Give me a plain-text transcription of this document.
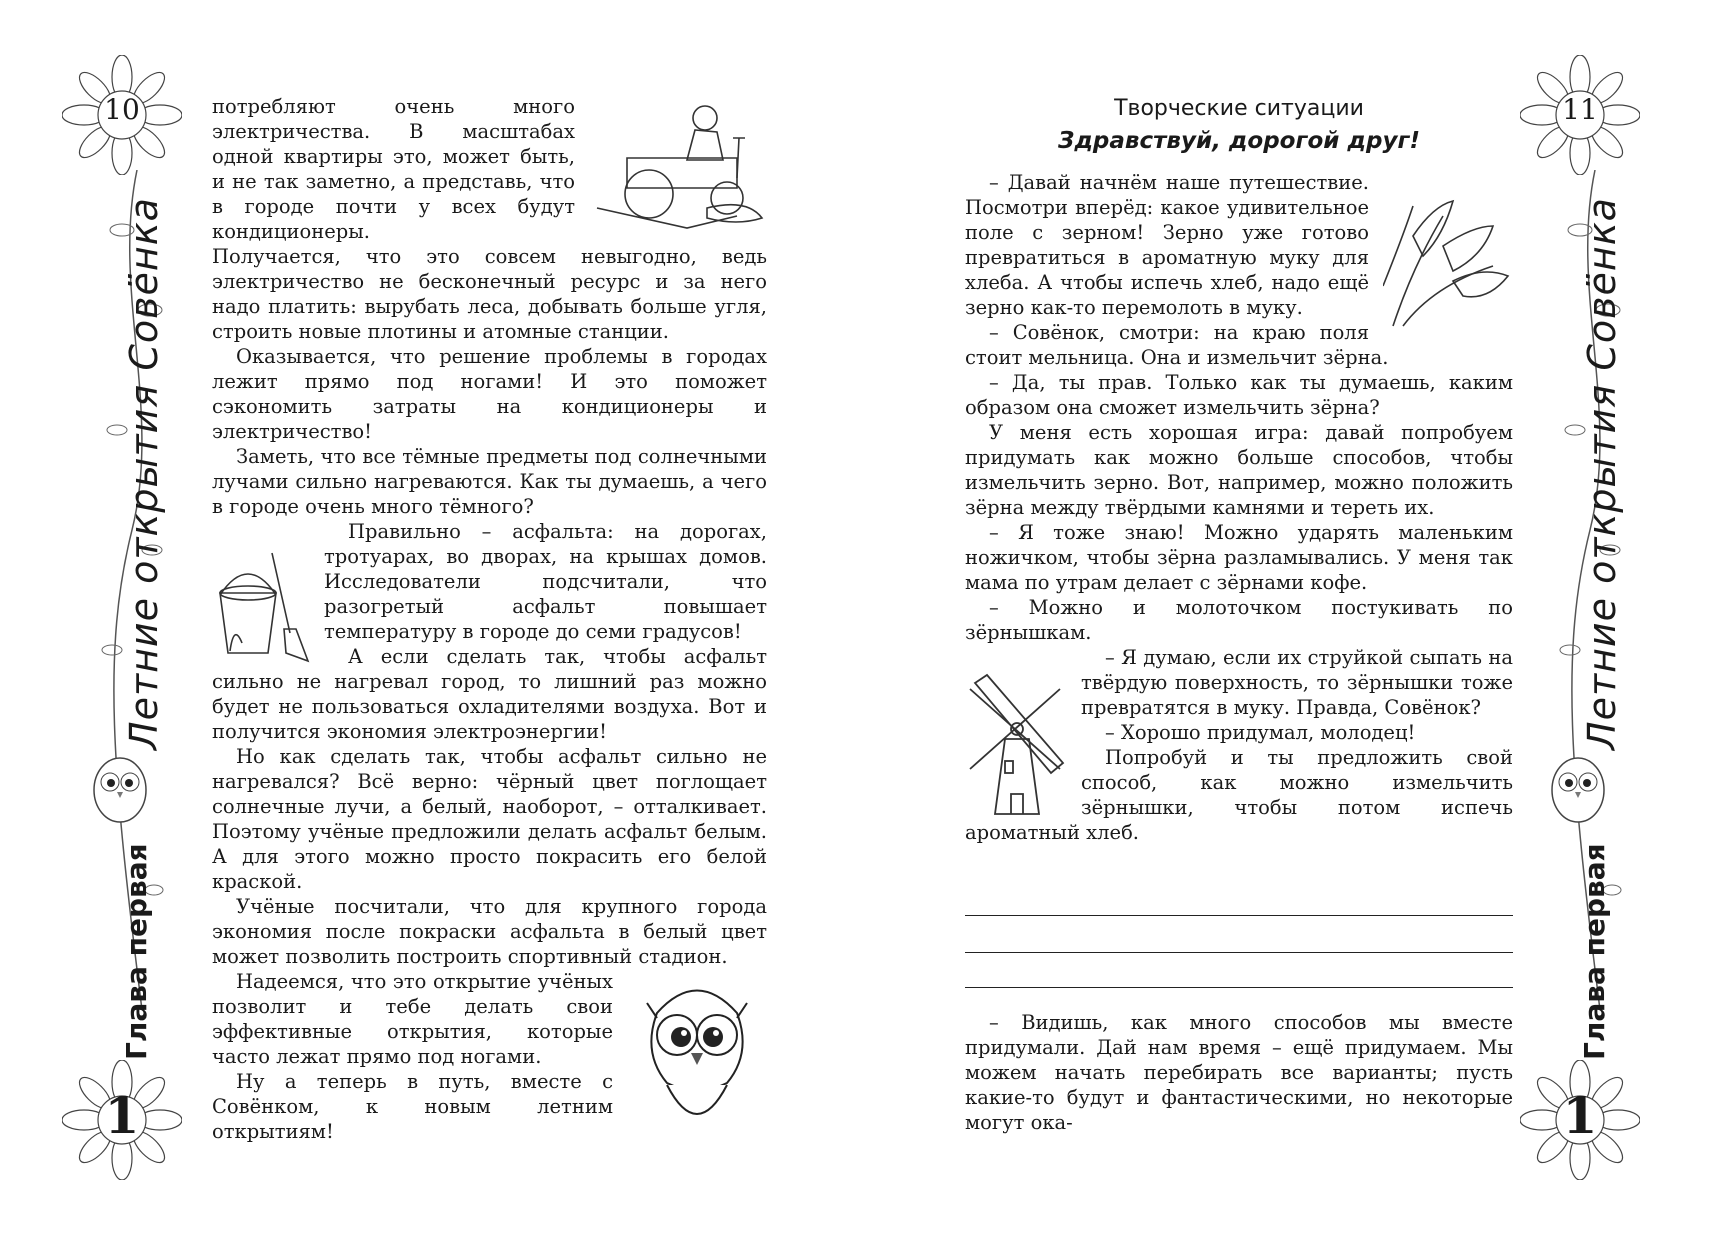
10
Летние открытия Совёнка
Глава первая
1

потребляют очень много электричества. В масштабах одной квартиры это, может быть, и не так заметно, а представь, что в городе почти у всех будут кондиционеры.

Получается, что это совсем невыгодно, ведь электричество не бесконечный ресурс и за него надо платить: вырубать леса, добывать больше угля, строить новые плотины и атомные станции.

Оказывается, что решение проблемы в городах лежит прямо под ногами! И это поможет сэкономить затраты на кондиционеры и электричество!

Заметь, что все тёмные предметы под солнечными лучами сильно нагреваются. Как ты думаешь, а чего в городе очень много тёмного?

Правильно – асфальта: на дорогах, тротуарах, во дворах, на крышах домов. Исследователи подсчитали, что разогретый асфальт повышает температуру в городе до семи градусов!

А если сделать так, чтобы асфальт сильно не нагревал город, то лишний раз можно будет не пользоваться охладителями воздуха. Вот и получится экономия электроэнергии!

Но как сделать так, чтобы асфальт сильно не нагревался? Всё верно: чёрный цвет поглощает солнечные лучи, а белый, наоборот, – отталкивает. Поэтому учёные предложили делать асфальт белым. А для этого можно просто покрасить его белой краской.

Учёные посчитали, что для крупного города экономия после покраски асфальта в белый цвет может позволить построить спортивный стадион.

Надеемся, что это открытие учёных позволит и тебе делать свои эффективные открытия, которые часто лежат прямо под ногами.

Ну а теперь в путь, вместе с Совёнком, к новым летним открытиям!

11
Летние открытия Совёнка
Глава первая
1
Творческие ситуации
Здравствуй, дорогой друг!

– Давай начнём наше путешествие. Посмотри вперёд: какое удивительное поле с зерном! Зерно уже готово превратиться в ароматную муку для хлеба. А чтобы испечь хлеб, надо ещё зерно как-то перемолоть в муку.

– Совёнок, смотри: на краю поля стоит мельница. Она и измельчит зёрна.

– Да, ты прав. Только как ты думаешь, каким образом она сможет измельчить зёрна?

У меня есть хорошая игра: давай попробуем придумать как можно больше способов, чтобы измельчить зерно. Вот, например, можно положить зёрна между твёрдыми камнями и тереть их.

– Я тоже знаю! Можно ударять маленьким ножичком, чтобы зёрна разламывались. У меня так мама по утрам делает с зёрнами кофе.

– Можно и молоточком постукивать по зёрнышкам.

– Я думаю, если их струйкой сыпать на твёрдую поверхность, то зёрнышки тоже превратятся в муку. Правда, Совёнок?

– Хорошо придумал, молодец!

Попробуй и ты предложить свой способ, как можно измельчить зёрнышки, чтобы потом испечь ароматный хлеб.

– Видишь, как много способов мы вместе придумали. Дай нам время – ещё придумаем. Мы можем начать перебирать все варианты; пусть какие-то будут и фантастическими, но некоторые могут ока-
